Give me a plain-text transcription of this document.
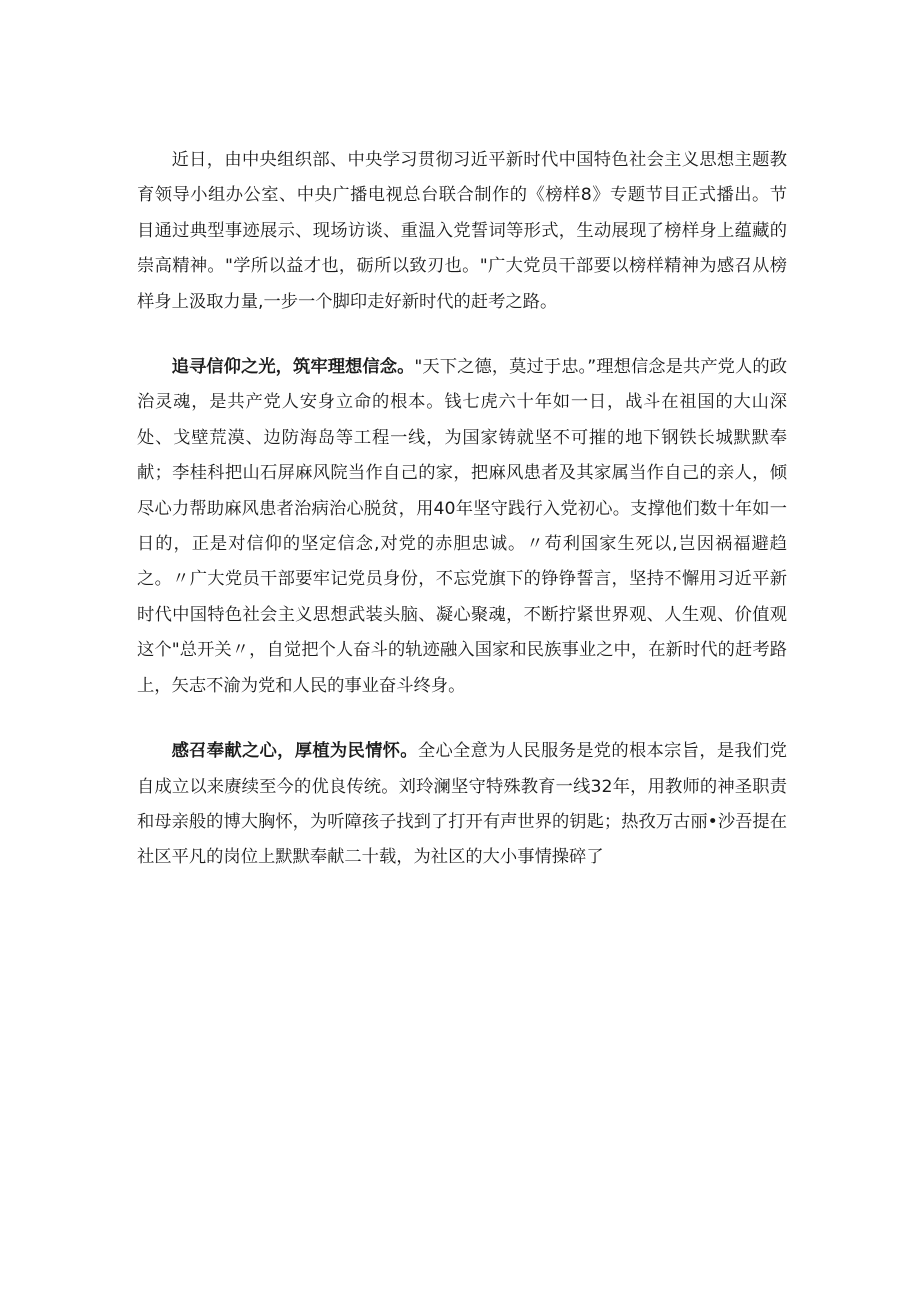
近日，由中央组织部、中央学习贯彻习近平新时代中国特色社会主义思想主题教育领导小组办公室、中央广播电视总台联合制作的《榜样8》专题节目正式播出。节目通过典型事迹展示、现场访谈、重温入党誓词等形式，生动展现了榜样身上蕴藏的崇高精神。"学所以益才也，砺所以致刃也。"广大党员干部要以榜样精神为感召从榜样身上汲取力量,一步一个脚印走好新时代的赶考之路。

追寻信仰之光，筑牢理想信念。"天下之德，莫过于忠。”理想信念是共产党人的政治灵魂，是共产党人安身立命的根本。钱七虎六十年如一日，战斗在祖国的大山深处、戈壁荒漠、边防海岛等工程一线，为国家铸就坚不可摧的地下钢铁长城默默奉献；李桂科把山石屏麻风院当作自己的家，把麻风患者及其家属当作自己的亲人，倾尽心力帮助麻风患者治病治心脱贫，用40年坚守践行入党初心。支撑他们数十年如一日的，正是对信仰的坚定信念,对党的赤胆忠诚。〃苟利国家生死以,岂因祸福避趋之。〃广大党员干部要牢记党员身份，不忘党旗下的铮铮誓言，坚持不懈用习近平新时代中国特色社会主义思想武装头脑、凝心聚魂，不断拧紧世界观、人生观、价值观这个"总开关〃，自觉把个人奋斗的轨迹融入国家和民族事业之中，在新时代的赶考路上，矢志不渝为党和人民的事业奋斗终身。

感召奉献之心，厚植为民情怀。全心全意为人民服务是党的根本宗旨，是我们党自成立以来赓续至今的优良传统。刘玲澜坚守特殊教育一线32年，用教师的神圣职责和母亲般的博大胸怀，为听障孩子找到了打开有声世界的钥匙；热孜万古丽•沙吾提在社区平凡的岗位上默默奉献二十载，为社区的大小事情操碎了
